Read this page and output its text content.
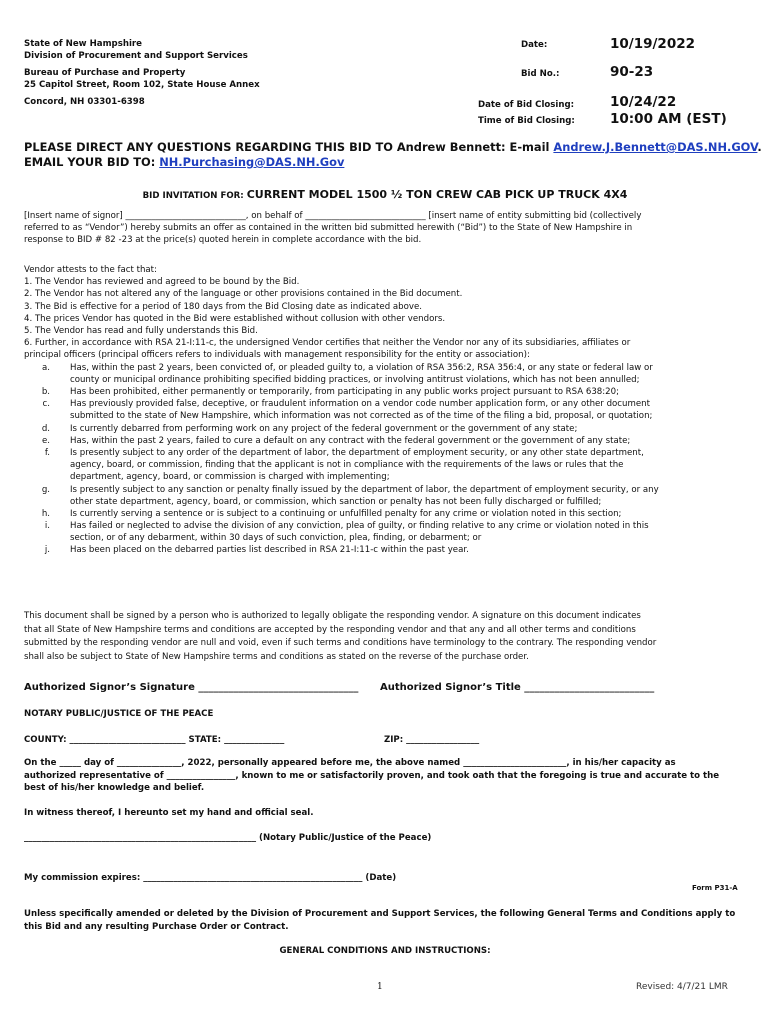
State of New Hampshire
Division of Procurement and Support Services
Bureau of Purchase and Property
25 Capitol Street, Room 102, State House Annex
Concord, NH 03301-6398
Date:	10/19/2022
Bid No.:	90-23
Date of Bid Closing:	10/24/22
Time of Bid Closing:	10:00 AM (EST)
PLEASE DIRECT ANY QUESTIONS REGARDING THIS BID TO Andrew Bennett: E-mail Andrew.J.Bennett@DAS.NH.GOV.
EMAIL YOUR BID TO: NH.Purchasing@DAS.NH.Gov
BID INVITATION FOR: CURRENT MODEL 1500 ½ TON CREW CAB PICK UP TRUCK 4X4
[Insert name of signor] ____________________________, on behalf of ____________________________ [insert name of entity submitting bid (collectively
referred to as “Vendor”) hereby submits an offer as contained in the written bid submitted herewith (“Bid”) to the State of New Hampshire in
response to BID # 82 -23 at the price(s) quoted herein in complete accordance with the bid.
Vendor attests to the fact that:
1. The Vendor has reviewed and agreed to be bound by the Bid.
2. The Vendor has not altered any of the language or other provisions contained in the Bid document.
3. The Bid is effective for a period of 180 days from the Bid Closing date as indicated above.
4. The prices Vendor has quoted in the Bid were established without collusion with other vendors.
5. The Vendor has read and fully understands this Bid.
6. Further, in accordance with RSA 21-I:11-c, the undersigned Vendor certifies that neither the Vendor nor any of its subsidiaries, affiliates or
principal officers (principal officers refers to individuals with management responsibility for the entity or association):
a. Has, within the past 2 years, been convicted of, or pleaded guilty to, a violation of RSA 356:2, RSA 356:4, or any state or federal law or
county or municipal ordinance prohibiting specified bidding practices, or involving antitrust violations, which has not been annulled;
b. Has been prohibited, either permanently or temporarily, from participating in any public works project pursuant to RSA 638:20;
c. Has previously provided false, deceptive, or fraudulent information on a vendor code number application form, or any other document
submitted to the state of New Hampshire, which information was not corrected as of the time of the filing a bid, proposal, or quotation;
d. Is currently debarred from performing work on any project of the federal government or the government of any state;
e. Has, within the past 2 years, failed to cure a default on any contract with the federal government or the government of any state;
f. Is presently subject to any order of the department of labor, the department of employment security, or any other state department,
agency, board, or commission, finding that the applicant is not in compliance with the requirements of the laws or rules that the
department, agency, board, or commission is charged with implementing;
g. Is presently subject to any sanction or penalty finally issued by the department of labor, the department of employment security, or any
other state department, agency, board, or commission, which sanction or penalty has not been fully discharged or fulfilled;
h. Is currently serving a sentence or is subject to a continuing or unfulfilled penalty for any crime or violation noted in this section;
i. Has failed or neglected to advise the division of any conviction, plea of guilty, or finding relative to any crime or violation noted in this
section, or of any debarment, within 30 days of such conviction, plea, finding, or debarment; or
j. Has been placed on the debarred parties list described in RSA 21-I:11-c within the past year.
This document shall be signed by a person who is authorized to legally obligate the responding vendor. A signature on this document indicates
that all State of New Hampshire terms and conditions are accepted by the responding vendor and that any and all other terms and conditions
submitted by the responding vendor are null and void, even if such terms and conditions have terminology to the contrary. The responding vendor
shall also be subject to State of New Hampshire terms and conditions as stated on the reverse of the purchase order.
Authorized Signor’s Signature ________________________________ Authorized Signor’s Title __________________________
NOTARY PUBLIC/JUSTICE OF THE PEACE
COUNTY: ___________________________ STATE: ______________	ZIP: _________________
On the _____ day of _______________, 2022, personally appeared before me, the above named ________________________, in his/her capacity as
authorized representative of ________________, known to me or satisfactorily proven, and took oath that the foregoing is true and accurate to the
best of his/her knowledge and belief.
In witness thereof, I hereunto set my hand and official seal.
______________________________________________________ (Notary Public/Justice of the Peace)
My commission expires: ___________________________________________________ (Date)
Form P31-A
Unless specifically amended or deleted by the Division of Procurement and Support Services, the following General Terms and Conditions apply to
this Bid and any resulting Purchase Order or Contract.
GENERAL CONDITIONS AND INSTRUCTIONS:
1	Revised: 4/7/21 LMR
